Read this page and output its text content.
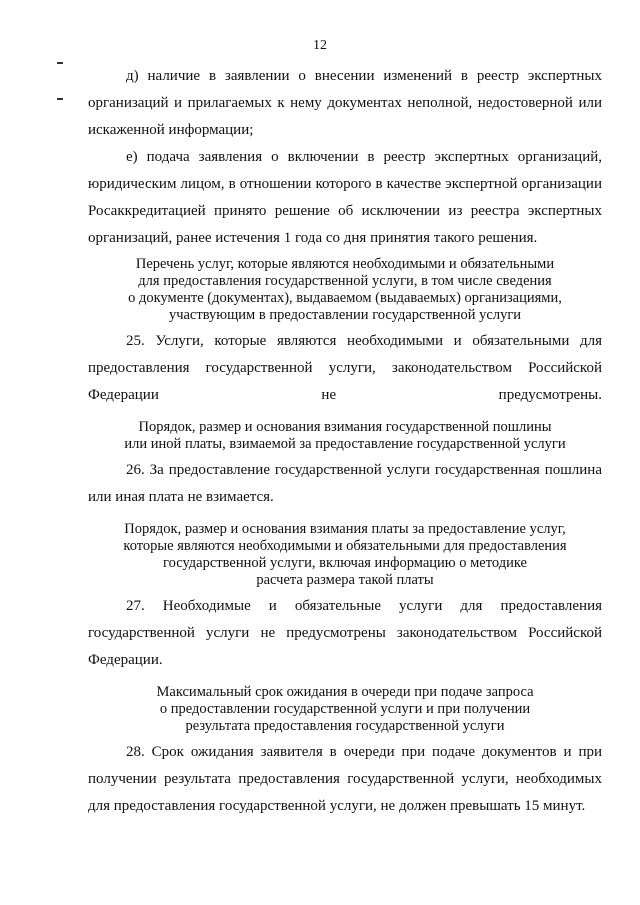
12

д) наличие в заявлении о внесении изменений в реестр экспертных организаций и прилагаемых к нему документах неполной, недостоверной или искаженной информации;

е) подача заявления о включении в реестр экспертных организаций, юридическим лицом, в отношении которого в качестве экспертной организации Росаккредитацией принято решение об исключении из реестра экспертных организаций, ранее истечения 1 года со дня принятия такого решения.

Перечень услуг, которые являются необходимыми и обязательными
для предоставления государственной услуги, в том числе сведения
о документе (документах), выдаваемом (выдаваемых) организациями,
участвующим в предоставлении государственной услуги

25. Услуги, которые являются необходимыми и обязательными для предоставления государственной услуги, законодательством Российской Федерации не предусмотрены.

Порядок, размер и основания взимания государственной пошлины
или иной платы, взимаемой за предоставление государственной услуги

26. За предоставление государственной услуги государственная пошлина или иная плата не взимается.

Порядок, размер и основания взимания платы за предоставление услуг,
которые являются необходимыми и обязательными для предоставления
государственной услуги, включая информацию о методике
расчета размера такой платы

27. Необходимые и обязательные услуги для предоставления государственной услуги не предусмотрены законодательством Российской Федерации.

Максимальный срок ожидания в очереди при подаче запроса
о предоставлении государственной услуги и при получении
результата предоставления государственной услуги

28. Срок ожидания заявителя в очереди при подаче документов и при получении результата предоставления государственной услуги, необходимых для предоставления государственной услуги, не должен превышать 15 минут.
